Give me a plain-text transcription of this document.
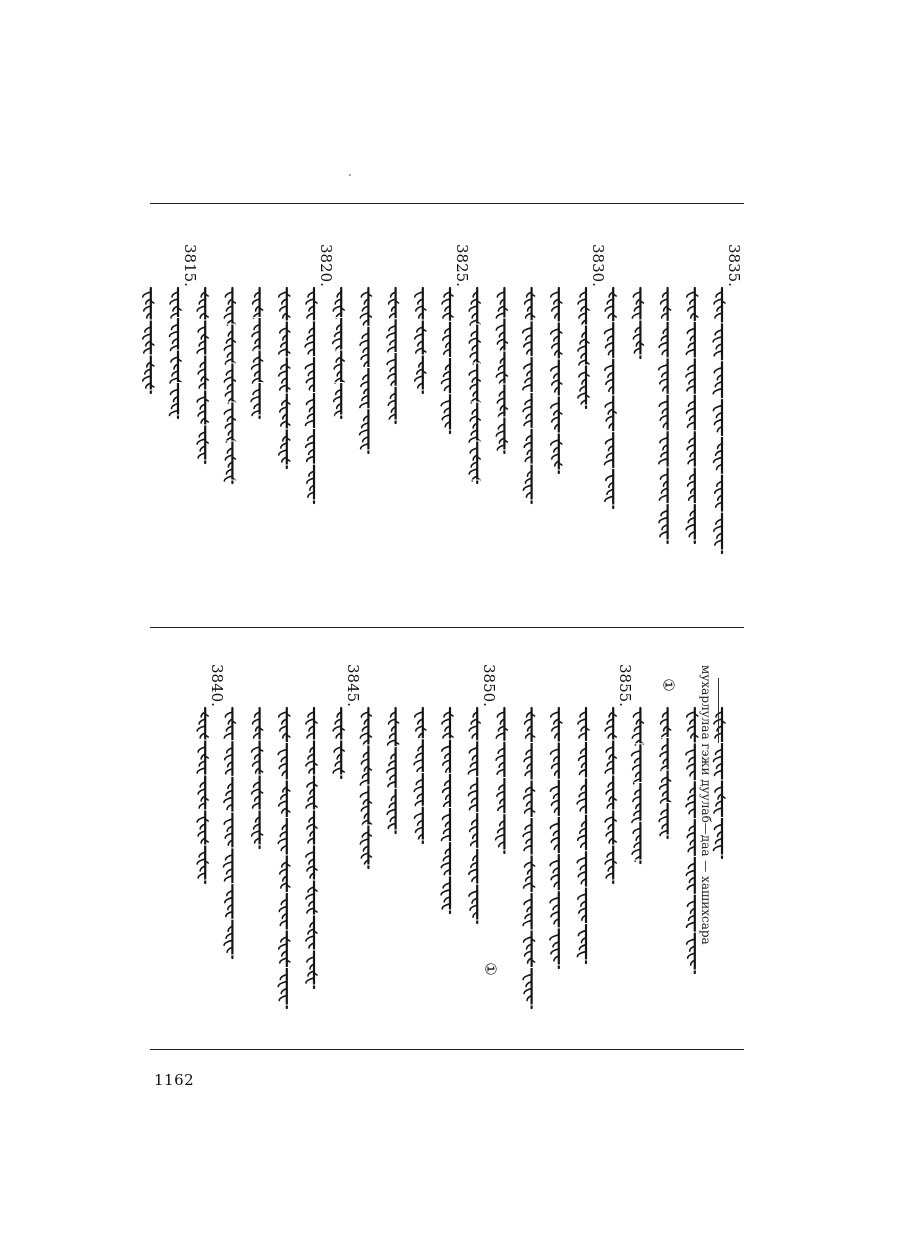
3835.
3830.
3825.
3820.
3815.
3855.
3850.
3845.
3840.	мухарлулаа гэжи дуулаб—даа — хашихсара
①
①
1162
